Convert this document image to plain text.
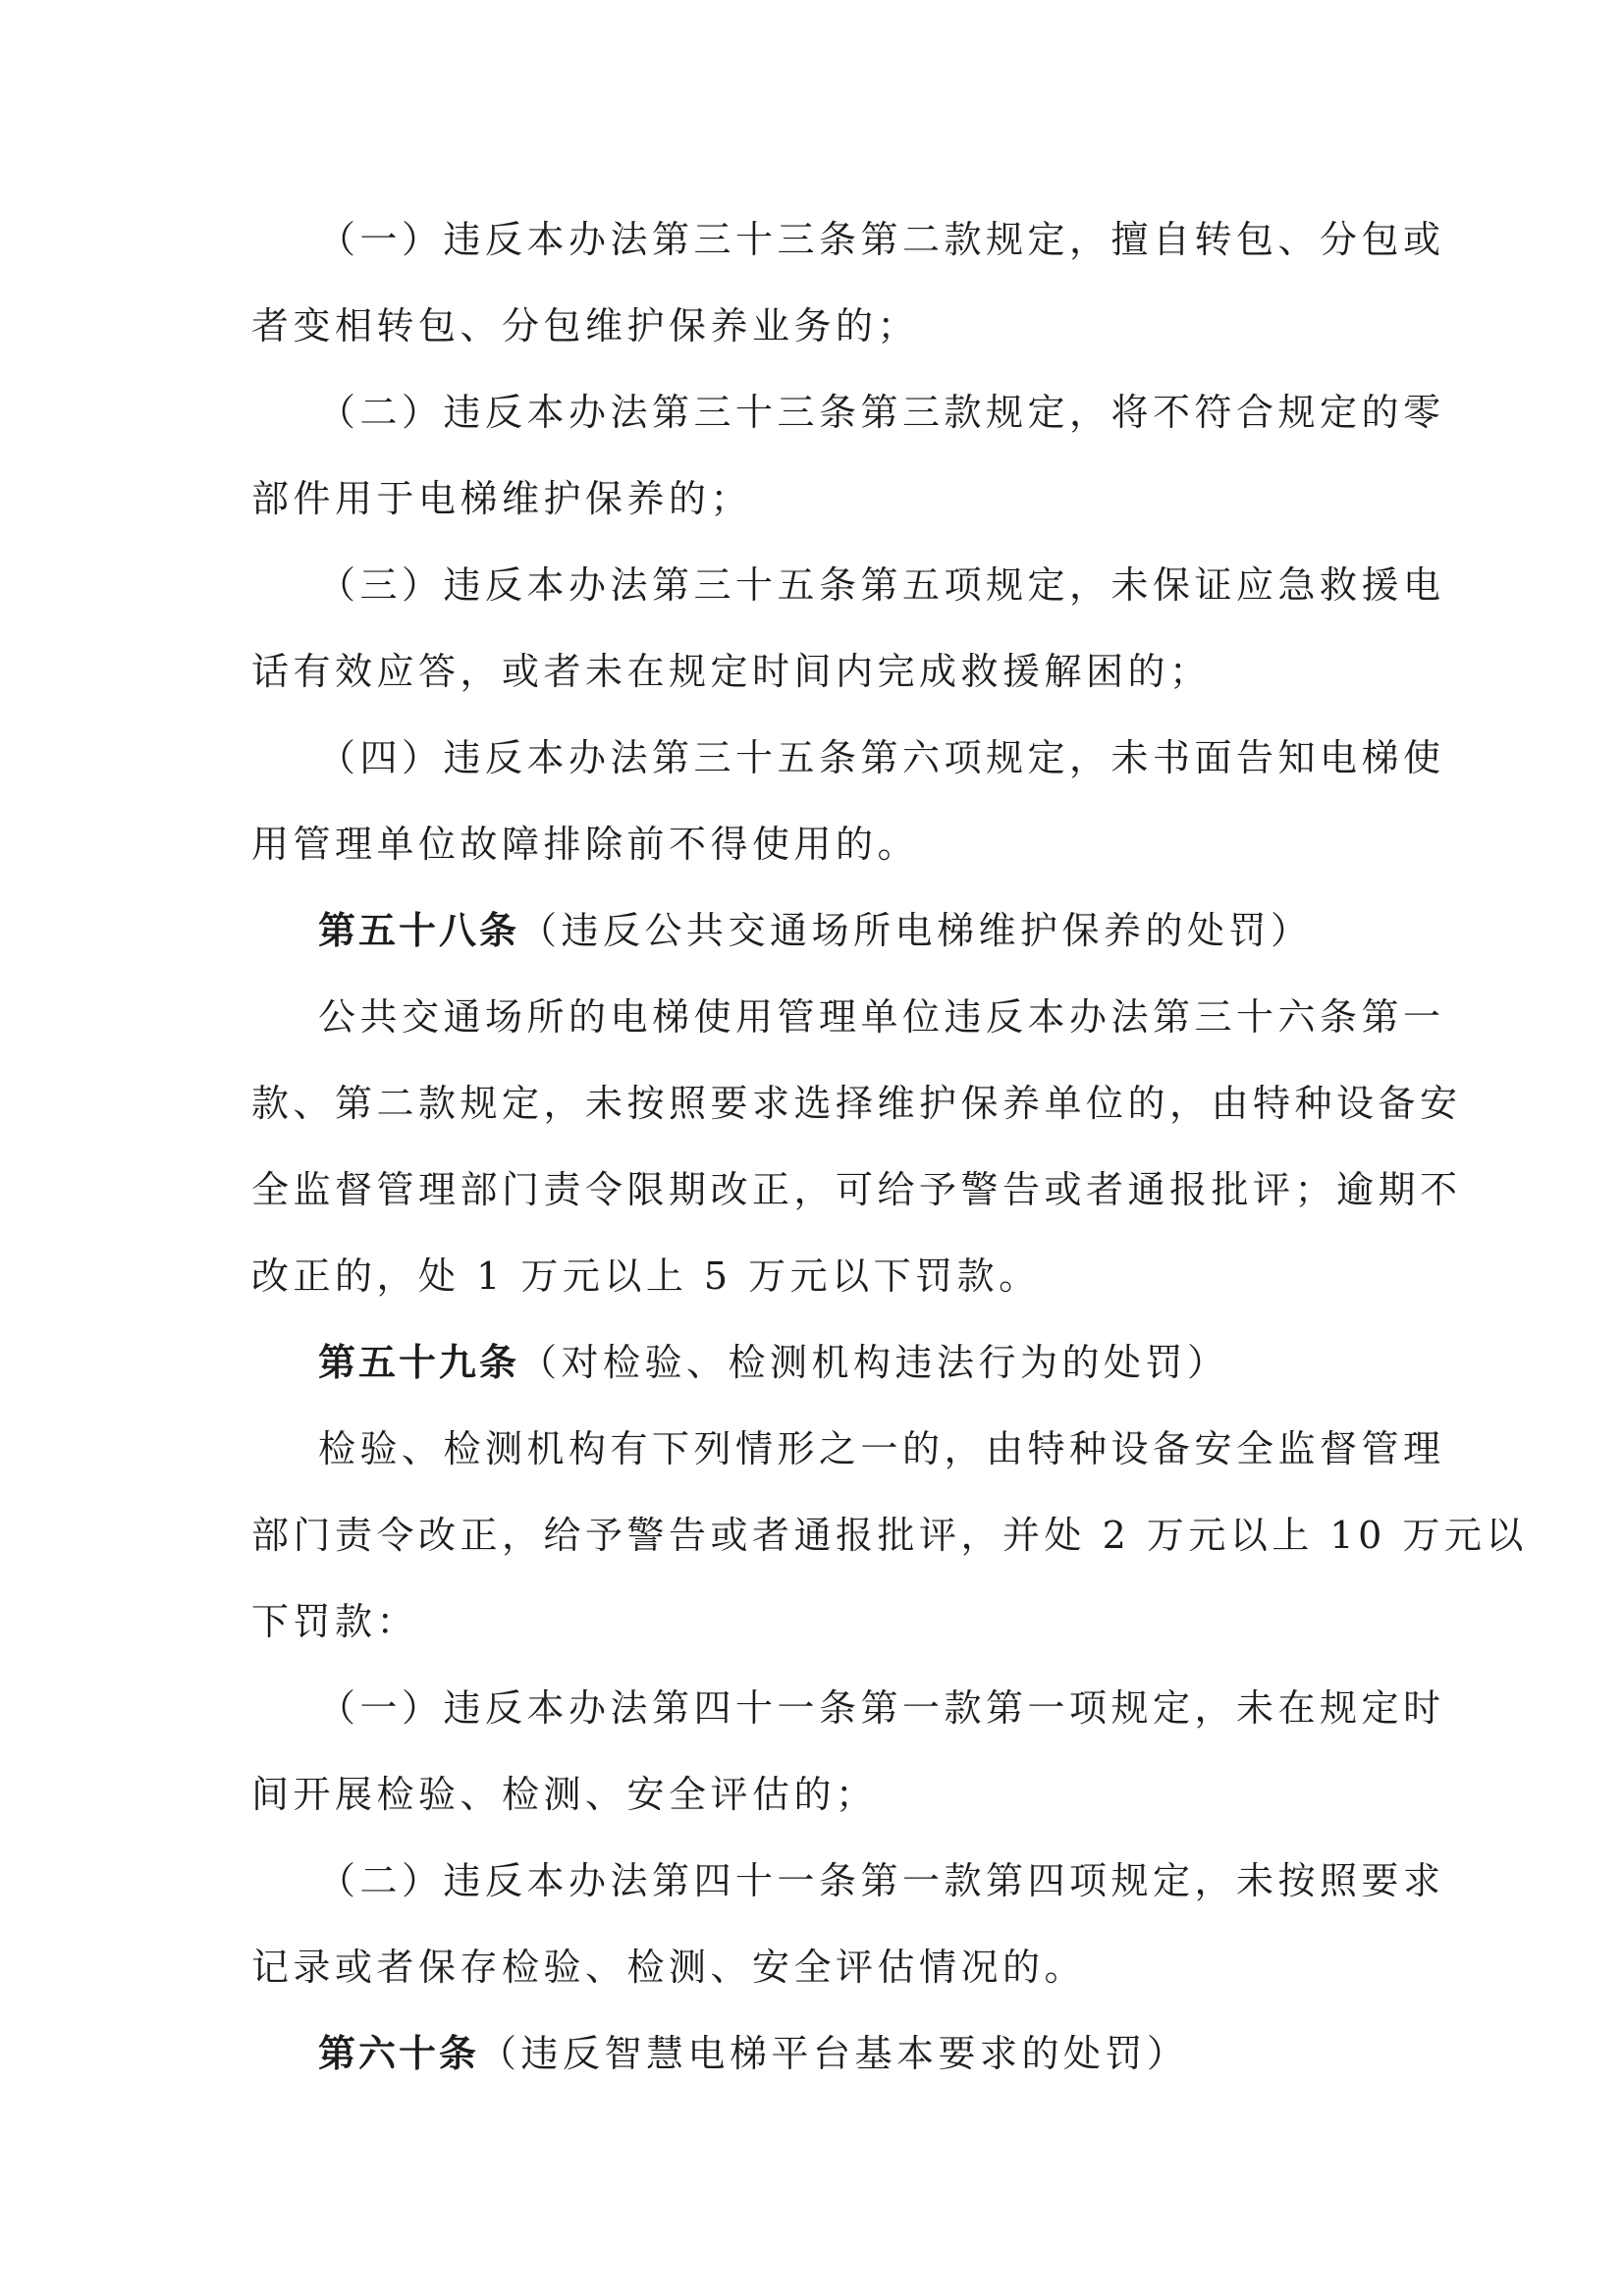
（一）违反本办法第三十三条第二款规定，擅自转包、分包或
者变相转包、分包维护保养业务的；
（二）违反本办法第三十三条第三款规定，将不符合规定的零
部件用于电梯维护保养的；
（三）违反本办法第三十五条第五项规定，未保证应急救援电
话有效应答，或者未在规定时间内完成救援解困的；
（四）违反本办法第三十五条第六项规定，未书面告知电梯使
用管理单位故障排除前不得使用的。
第五十八条（违反公共交通场所电梯维护保养的处罚）
公共交通场所的电梯使用管理单位违反本办法第三十六条第一
款、第二款规定，未按照要求选择维护保养单位的，由特种设备安
全监督管理部门责令限期改正，可给予警告或者通报批评；逾期不
改正的，处 1 万元以上 5 万元以下罚款。
第五十九条（对检验、检测机构违法行为的处罚）
检验、检测机构有下列情形之一的，由特种设备安全监督管理
部门责令改正，给予警告或者通报批评，并处 2 万元以上 10 万元以
下罚款：
（一）违反本办法第四十一条第一款第一项规定，未在规定时
间开展检验、检测、安全评估的；
（二）违反本办法第四十一条第一款第四项规定，未按照要求
记录或者保存检验、检测、安全评估情况的。
第六十条（违反智慧电梯平台基本要求的处罚）
